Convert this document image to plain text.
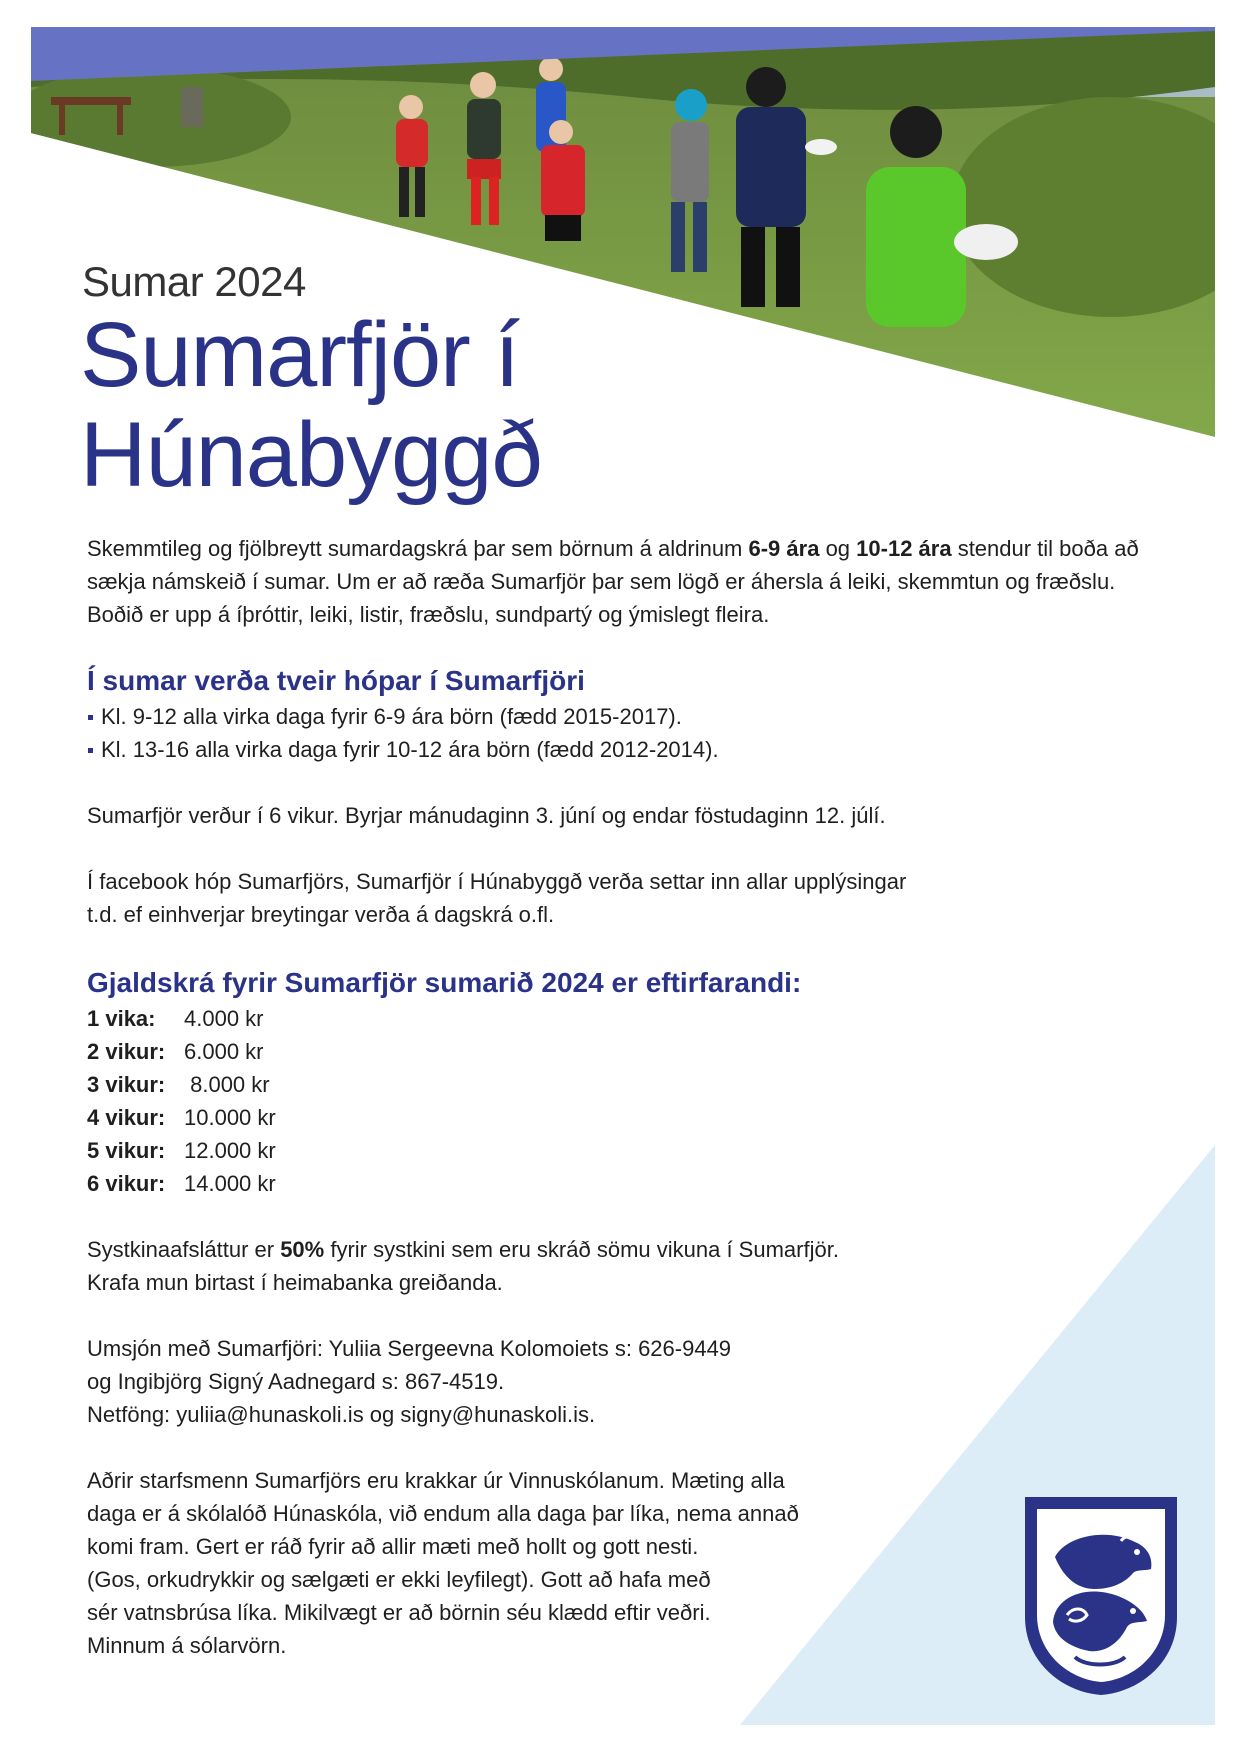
Sumar 2024

Sumarfjör í
Húnabyggð

Skemmtileg og fjölbreytt sumardagskrá þar sem börnum á aldrinum 6-9 ára og 10-12 ára stendur til boða að sækja námskeið í sumar. Um er að ræða Sumarfjör þar sem lögð er áhersla á leiki, skemmtun og fræðslu. Boðið er upp á íþróttir, leiki, listir, fræðslu, sundpartý og ýmislegt fleira.

Í sumar verða tveir hópar í Sumarfjöri
Kl. 9-12 alla virka daga fyrir 6-9 ára börn (fædd 2015-2017).
Kl. 13-16 alla virka daga fyrir 10-12 ára börn (fædd 2012-2014).

Sumarfjör verður í 6 vikur. Byrjar mánudaginn 3. júní og endar föstudaginn 12. júlí.

Í facebook hóp Sumarfjörs, Sumarfjör í Húnabyggð verða settar inn allar upplýsingar

t.d. ef einhverjar breytingar verða á dagskrá o.fl.

Gjaldskrá fyrir Sumarfjör sumarið 2024 er eftirfarandi:
1 vika:	4.000 kr
2 vikur: 6.000 kr
3 vikur: 8.000 kr
4 vikur: 10.000 kr
5 vikur: 12.000 kr
6 vikur: 14.000 kr

Systkinaafsláttur er 50% fyrir systkini sem eru skráð sömu vikuna í Sumarfjör.

Krafa mun birtast í heimabanka greiðanda.

Umsjón með Sumarfjöri: Yuliia Sergeevna Kolomoiets s: 626-9449

og Ingibjörg Signý Aadnegard s: 867-4519.

Netföng: yuliia@hunaskoli.is og signy@hunaskoli.is.

Aðrir starfsmenn Sumarfjörs eru krakkar úr Vinnuskólanum. Mæting alla

daga er á skólalóð Húnaskóla, við endum alla daga þar líka, nema annað

komi fram. Gert er ráð fyrir að allir mæti með hollt og gott nesti.

(Gos, orkudrykkir og sælgæti er ekki leyfilegt). Gott að hafa með

sér vatnsbrúsa líka. Mikilvægt er að börnin séu klædd eftir veðri.

Minnum á sólarvörn.
